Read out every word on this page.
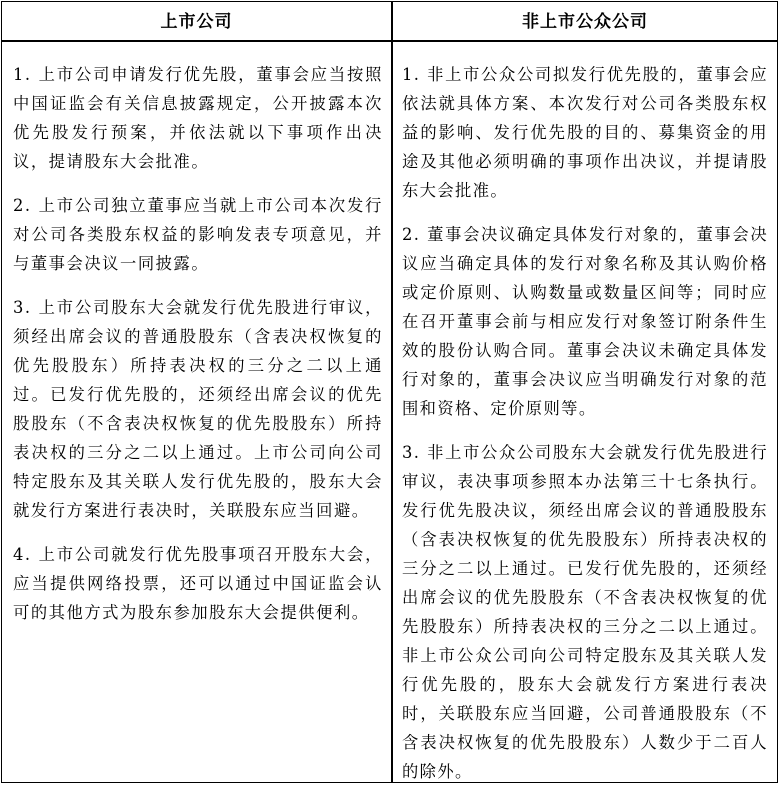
上市公司	非上市公众公司

1. 上市公司申请发行优先股，董事会应当按照中国证监会有关信息披露规定，公开披露本次优先股发行预案，并依法就以下事项作出决议，提请股东大会批准。

2. 上市公司独立董事应当就上市公司本次发行对公司各类股东权益的影响发表专项意见，并与董事会决议一同披露。

3. 上市公司股东大会就发行优先股进行审议，须经出席会议的普通股股东（含表决权恢复的优先股股东）所持表决权的三分之二以上通过。已发行优先股的，还须经出席会议的优先股股东（不含表决权恢复的优先股股东）所持表决权的三分之二以上通过。上市公司向公司特定股东及其关联人发行优先股的，股东大会就发行方案进行表决时，关联股东应当回避。

4. 上市公司就发行优先股事项召开股东大会，应当提供网络投票，还可以通过中国证监会认可的其他方式为股东参加股东大会提供便利。

1. 非上市公众公司拟发行优先股的，董事会应依法就具体方案、本次发行对公司各类股东权益的影响、发行优先股的目的、募集资金的用途及其他必须明确的事项作出决议，并提请股东大会批准。

2. 董事会决议确定具体发行对象的，董事会决议应当确定具体的发行对象名称及其认购价格或定价原则、认购数量或数量区间等；同时应在召开董事会前与相应发行对象签订附条件生效的股份认购合同。董事会决议未确定具体发行对象的，董事会决议应当明确发行对象的范围和资格、定价原则等。

3. 非上市公众公司股东大会就发行优先股进行审议，表决事项参照本办法第三十七条执行。发行优先股决议，须经出席会议的普通股股东（含表决权恢复的优先股股东）所持表决权的三分之二以上通过。已发行优先股的，还须经出席会议的优先股股东（不含表决权恢复的优先股股东）所持表决权的三分之二以上通过。非上市公众公司向公司特定股东及其关联人发行优先股的，股东大会就发行方案进行表决时，关联股东应当回避，公司普通股股东（不含表决权恢复的优先股股东）人数少于二百人的除外。
